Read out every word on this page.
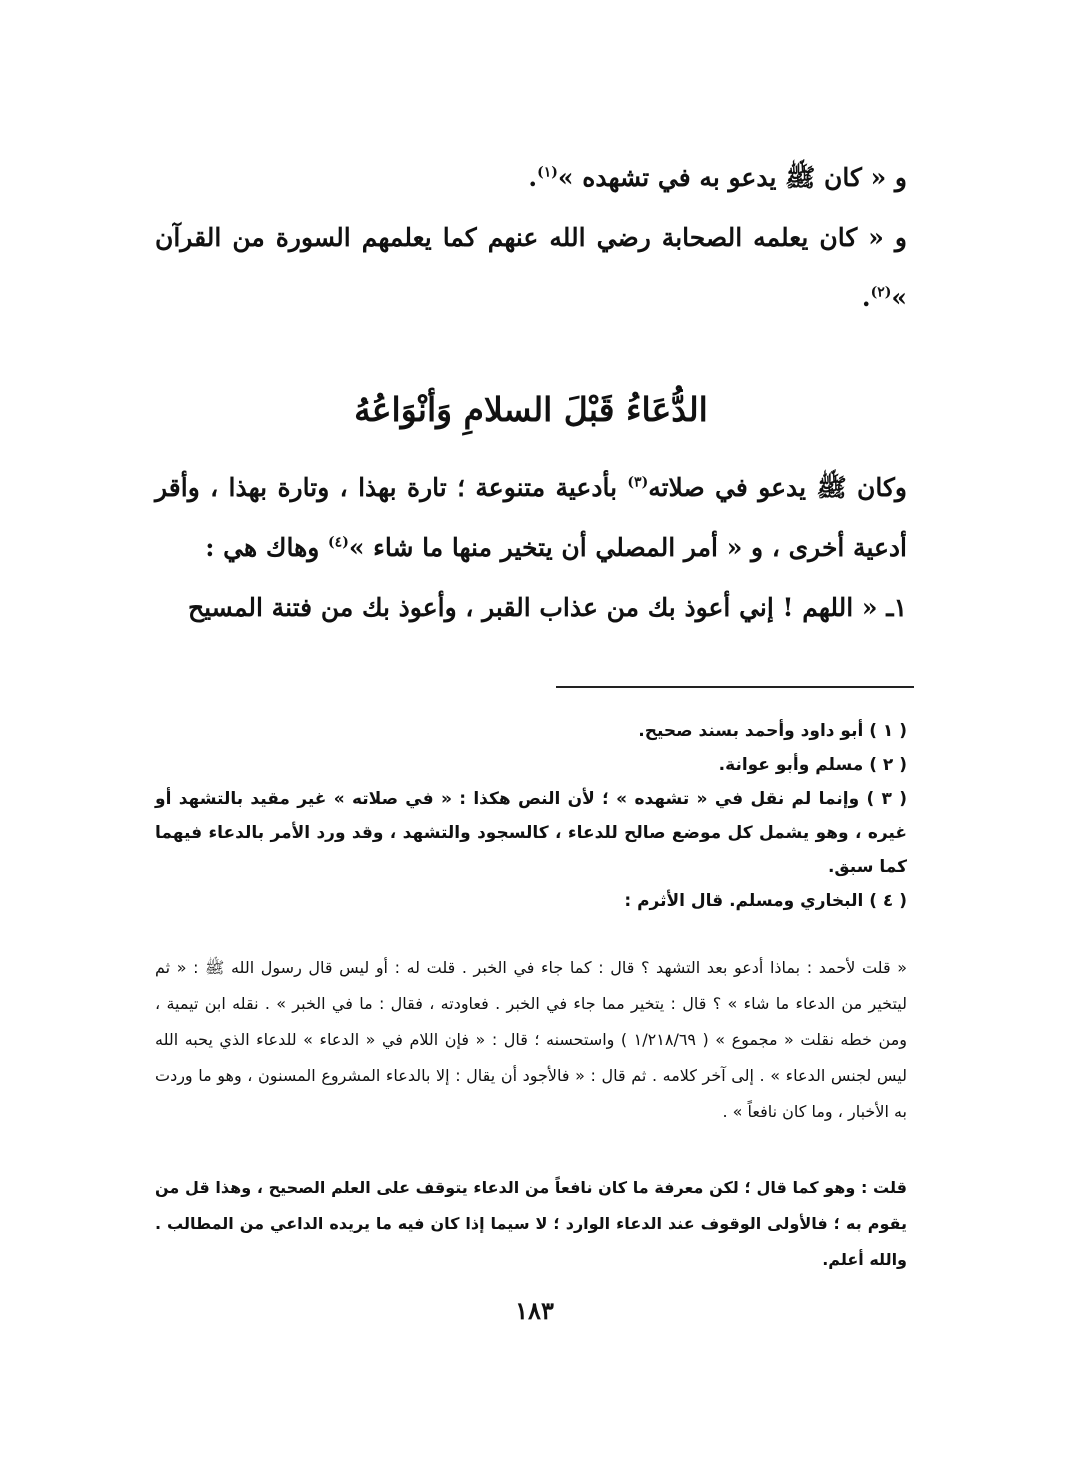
و « كان ﷺ يدعو به في تشهده »$^{(١)}$.

و « كان يعلمه الصحابة رضي الله عنهم كما يعلمهم السورة من القرآن »$^{(٢)}$.

الدُّعَاءُ قَبْلَ السلامِ وَأنْوَاعُهُ

وكان ﷺ يدعو في صلاته$^{(٣)}$ بأدعية متنوعة ؛ تارة بهذا ، وتارة بهذا ، وأقر أدعية أخرى ، و « أمر المصلي أن يتخير منها ما شاء »$^{(٤)}$ وهاك هي :

١ـ « اللهم ! إني أعوذ بك من عذاب القبر ، وأعوذ بك من فتنة المسيح

( ١ ) أبو داود وأحمد بسند صحيح.

( ٢ ) مسلم وأبو عوانة.

( ٣ ) وإنما لم نقل في « تشهده » ؛ لأن النص هكذا : « في صلاته » غير مقيد بالتشهد أو غيره ، وهو يشمل كل موضع صالح للدعاء ، كالسجود والتشهد ، وقد ورد الأمر بالدعاء فيهما كما سبق.

( ٤ ) البخاري ومسلم. قال الأثرم :

« قلت لأحمد : بماذا أدعو بعد التشهد ؟ قال : كما جاء في الخبر . قلت له : أو ليس قال رسول الله ﷺ : « ثم ليتخير من الدعاء ما شاء » ؟ قال : يتخير مما جاء في الخبر . فعاودته ، فقال : ما في الخبر » . نقله ابن تيمية ، ومن خطه نقلت « مجموع » ( ١/٢١٨/٦٩ ) واستحسنه ؛ قال : « فإن اللام في « الدعاء » للدعاء الذي يحبه الله ليس لجنس الدعاء » . إلى آخر كلامه . ثم قال : « فالأجود أن يقال : إلا بالدعاء المشروع المسنون ، وهو ما وردت به الأخبار ، وما كان نافعاً » .

قلت : وهو كما قال ؛ لكن معرفة ما كان نافعاً من الدعاء يتوقف على العلم الصحيح ، وهذا قل من يقوم به ؛ فالأولى الوقوف عند الدعاء الوارد ؛ لا سيما إذا كان فيه ما يريده الداعي من المطالب . والله أعلم.

١٨٣
